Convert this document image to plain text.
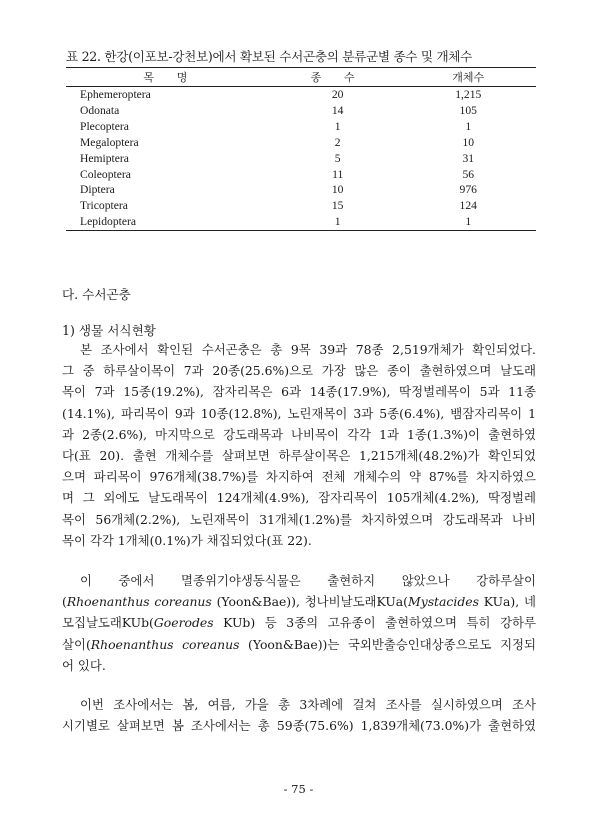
표 22. 한강(이포보-강천보)에서 확보된 수서곤충의 분류군별 종수 및 개체수
목 명	종 수	개체수
Ephemeroptera	20	1,215
Odonata	14	105
Plecoptera	1	1
Megaloptera	2	10
Hemiptera	5	31
Coleoptera	11	56
Diptera	10	976
Tricoptera	15	124
Lepidoptera	1	1
다. 수서곤충
1) 생물 서식현황
본 조사에서 확인된 수서곤충은 총 9목 39과 78종 2,519개체가 확인되었다.
그 중 하루살이목이 7과 20종(25.6%)으로 가장 많은 종이 출현하였으며 날도래
목이 7과 15종(19.2%), 잠자리목은 6과 14종(17.9%), 딱정벌레목이 5과 11종
(14.1%), 파리목이 9과 10종(12.8%), 노린재목이 3과 5종(6.4%), 뱀잠자리목이 1
과 2종(2.6%), 마지막으로 강도래목과 나비목이 각각 1과 1종(1.3%)이 출현하였
다(표 20). 출현 개체수를 살펴보면 하루살이목은 1,215개체(48.2%)가 확인되었
으며 파리목이 976개체(38.7%)를 차지하여 전체 개체수의 약 87%를 차지하였으
며 그 외에도 날도래목이 124개체(4.9%), 잠자리목이 105개체(4.2%), 딱정벌레
목이 56개체(2.2%), 노린재목이 31개체(1.2%)를 차지하였으며 강도래목과 나비
목이 각각 1개체(0.1%)가 채집되었다(표 22).
이 중에서 멸종위기야생동식물은 출현하지 않았으나 강하루살이
(Rhoenanthus coreanus (Yoon&Bae)), 청나비날도래KUa(Mystacides KUa), 네
모집날도래KUb(Goerodes KUb) 등 3종의 고유종이 출현하였으며 특히 강하루
살이(Rhoenanthus coreanus (Yoon&Bae))는 국외반출승인대상종으로도 지정되
어 있다.
이번 조사에서는 봄, 여름, 가을 총 3차례에 걸쳐 조사를 실시하였으며 조사
시기별로 살펴보면 봄 조사에서는 총 59종(75.6%) 1,839개체(73.0%)가 출현하였
- 75 -
